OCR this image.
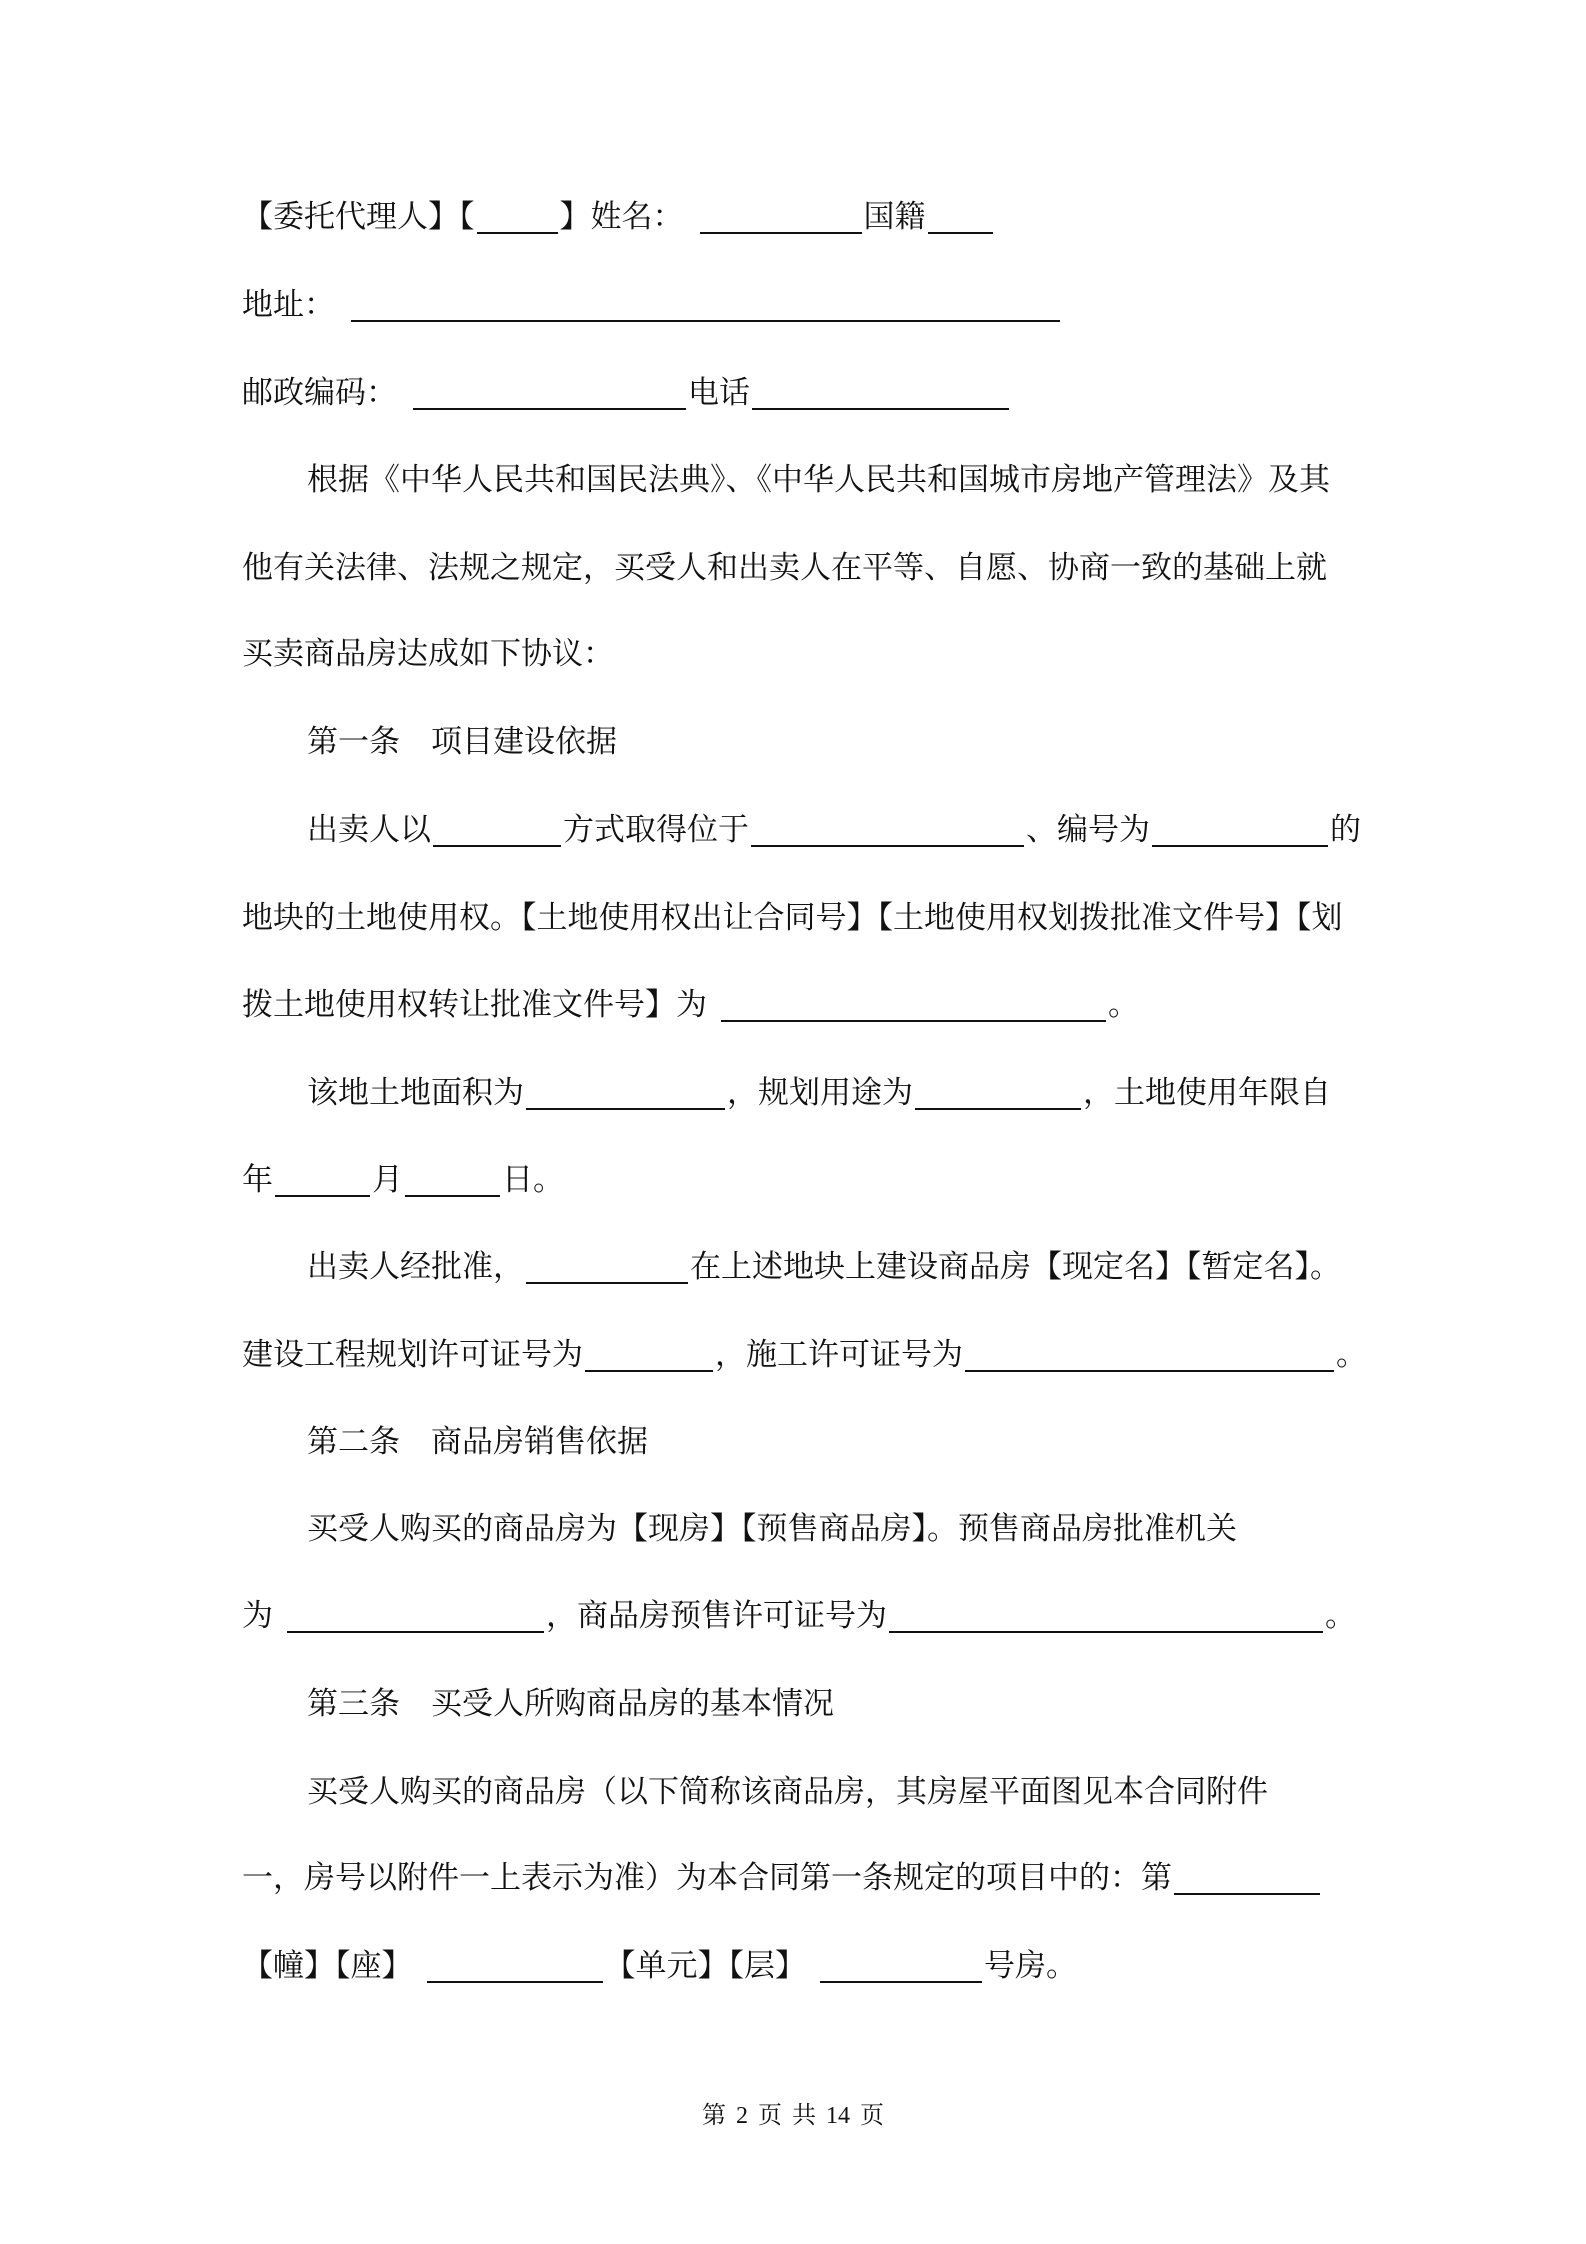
【委托代理人】【	】姓名：	国籍
地址：
邮政编码：	电话
根据《中华人民共和国民法典》、《中华人民共和国城市房地产管理法》及其
他有关法律、法规之规定，买受人和出卖人在平等、自愿、协商一致的基础上就
买卖商品房达成如下协议：
第一条　项目建设依据
出卖人以	方式取得位于	、编号为	的
地块的土地使用权。【土地使用权出让合同号】【土地使用权划拨批准文件号】【划
拨土地使用权转让批准文件号】为	。
该地土地面积为	，规划用途为	，土地使用年限自
年	月	日。
出卖人经批准，	在上述地块上建设商品房【现定名】【暂定名】。
建设工程规划许可证号为	，施工许可证号为	。
第二条　商品房销售依据
买受人购买的商品房为【现房】【预售商品房】。预售商品房批准机关
为	，商品房预售许可证号为	。
第三条　买受人所购商品房的基本情况
买受人购买的商品房（以下简称该商品房，其房屋平面图见本合同附件
一，房号以附件一上表示为准）为本合同第一条规定的项目中的：第
【幢】【座】	【单元】【层】	号房。
第 2 页 共 14 页
